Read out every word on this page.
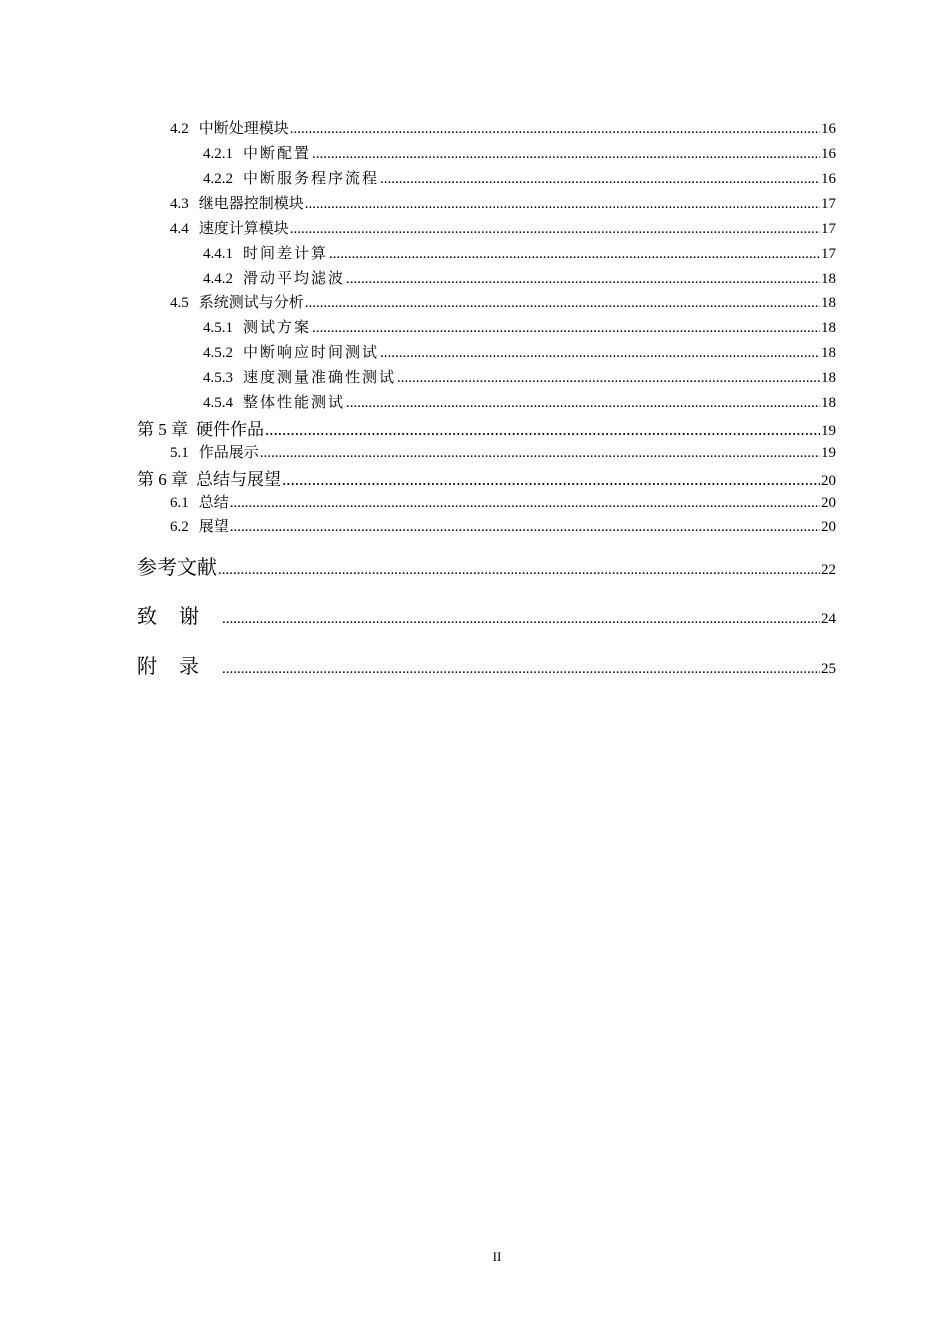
4.2 中断处理模块 .....	16
4.2.1 中断配置 .....	16
4.2.2 中断服务程序流程 .....	16
4.3 继电器控制模块 .....	17
4.4 速度计算模块 .....	17
4.4.1 时间差计算 .....	17
4.4.2 滑动平均滤波 .....	18
4.5 系统测试与分析 .....	18
4.5.1 测试方案 .....	18
4.5.2 中断响应时间测试 .....	18
4.5.3 速度测量准确性测试 .....	18
4.5.4 整体性能测试 .....	18
第 5 章 硬件作品 .....	19
5.1 作品展示 .....	19
第 6 章 总结与展望 .....	20
6.1 总结 .....	20
6.2 展望 .....	20
参考文献 .....	22
致谢 .....	24
附录 .....	25
II
